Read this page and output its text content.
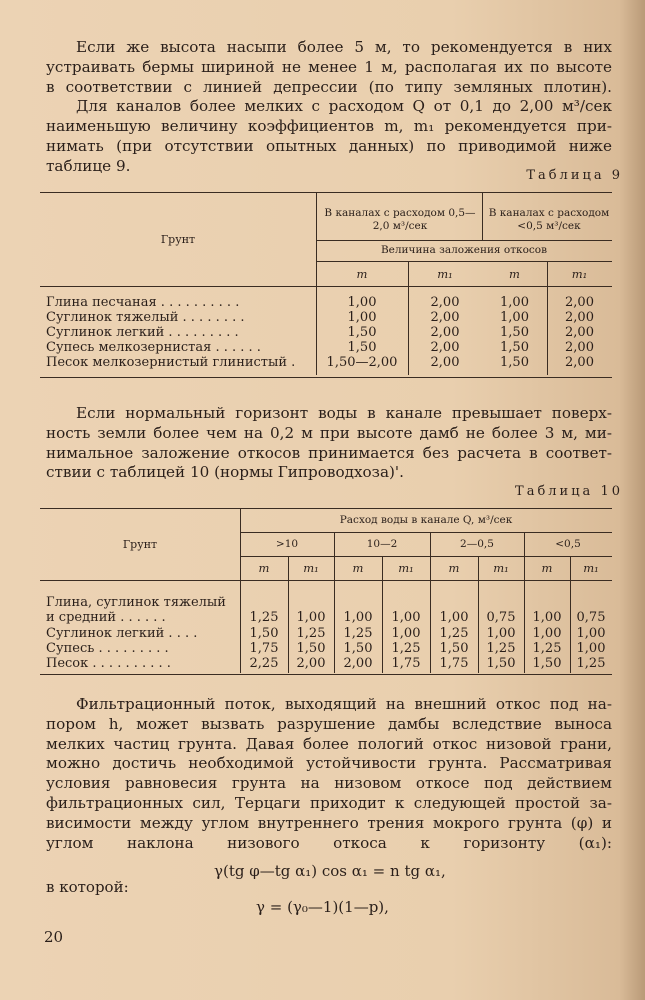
Если же высота насыпи более 5 м, то рекомендуется в них
устраивать бермы шириной не менее 1 м, располагая их по высоте
в соответствии с линией депрессии (по типу земляных плотин).
Для каналов более мелких с расходом Q от 0,1 до 2,00 м³/сек
наименьшую величину коэффициентов m, m₁ рекомендуется при-
нимать (при отсутствии опытных данных) по приводимой ниже
таблице 9.
Таблица 9
Грунт
В каналах с расходом 0,5—2,0 м³/сек
В каналах с расходом <0,5 м³/сек
Величина заложения откосов
m	m₁	m	m₁
Глина песчаная . . . . . . . . . .	1,00	2,00	1,00	2,00
Суглинок тяжелый . . . . . . . .	1,00	2,00	1,00	2,00
Суглинок легкий . . . . . . . . .	1,50	2,00	1,50	2,00
Супесь мелкозернистая . . . . . .	1,50	2,00	1,50	2,00
Песок мелкозернистый глинистый .	1,50—2,00	2,00	1,50	2,00
Если нормальный горизонт воды в канале превышает поверх-
ность земли более чем на 0,2 м при высоте дамб не более 3 м, ми-
нимальное заложение откосов принимается без расчета в соответ-
ствии с таблицей 10 (нормы Гипроводхоза)'.
Таблица 10
Грунт
Расход воды в канале Q, м³/сек
>10	10—2	2—0,5	<0,5
m	m₁	m	m₁	m	m₁	m	m₁
Глина, суглинок тяжелый
и средний . . . . . .	1,25	1,00	1,00	1,00	1,00	0,75	1,00	0,75
Суглинок легкий . . . .	1,50	1,25	1,25	1,00	1,25	1,00	1,00	1,00
Супесь . . . . . . . . .	1,75	1,50	1,50	1,25	1,50	1,25	1,25	1,00
Песок . . . . . . . . . .	2,25	2,00	2,00	1,75	1,75	1,50	1,50	1,25
Фильтрационный поток, выходящий на внешний откос под на-
пором h, может вызвать разрушение дамбы вследствие выноса
мелких частиц грунта. Давая более пологий откос низовой грани,
можно достичь необходимой устойчивости грунта. Рассматривая
условия равновесия грунта на низовом откосе под действием
фильтрационных сил, Терцаги приходит к следующей простой за-
висимости между углом внутреннего трения мокрого грунта (φ) и
углом наклона низового откоса к горизонту (α₁):
γ(tg φ—tg α₁) cos α₁ = n tg α₁,
в которой:
γ = (γ₀—1)(1—p),
20
